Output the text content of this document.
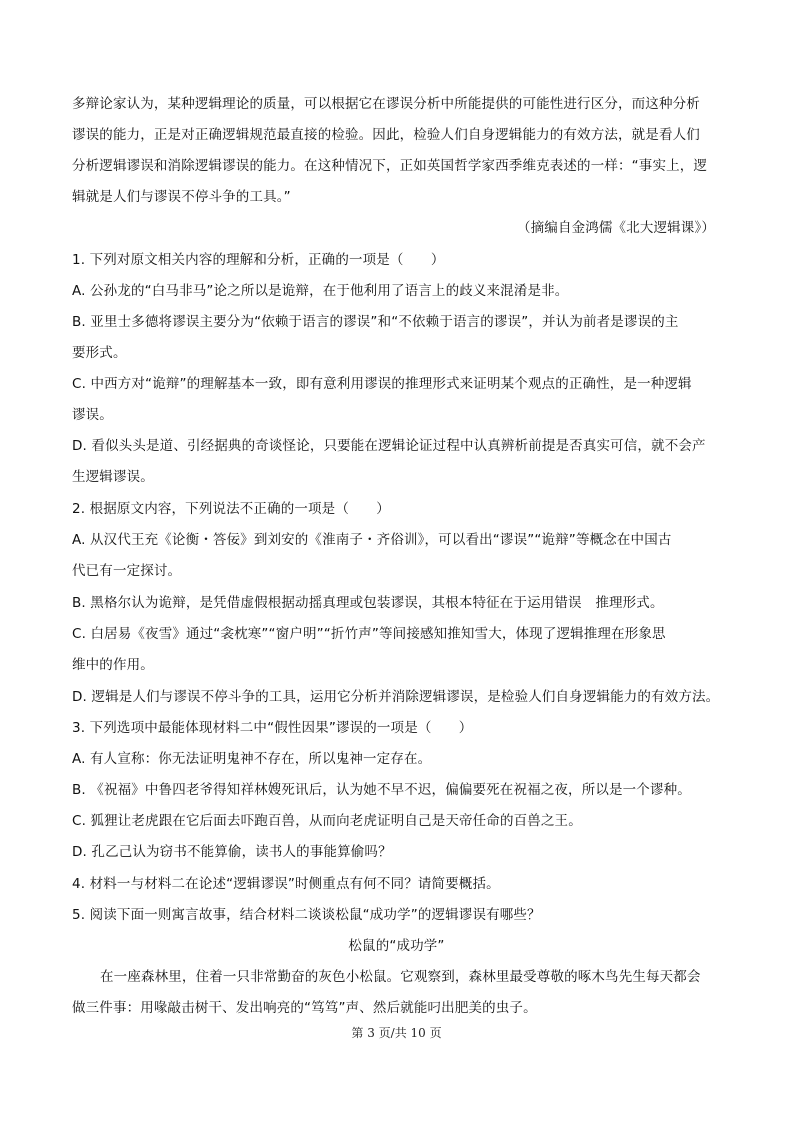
多辩论家认为，某种逻辑理论的质量，可以根据它在谬误分析中所能提供的可能性进行区分，而这种分析
谬误的能力，正是对正确逻辑规范最直接的检验。因此，检验人们自身逻辑能力的有效方法，就是看人们
分析逻辑谬误和消除逻辑谬误的能力。在这种情况下，正如英国哲学家西季维克表述的一样：“事实上，逻
辑就是人们与谬误不停斗争的工具。”
（摘编自金鸿儒《北大逻辑课》）
1. 下列对原文相关内容的理解和分析，正确的一项是（　　）
A. 公孙龙的“白马非马”论之所以是诡辩，在于他利用了语言上的歧义来混淆是非。
B. 亚里士多德将谬误主要分为“依赖于语言的谬误”和“不依赖于语言的谬误”，并认为前者是谬误的主
要形式。
C. 中西方对“诡辩”的理解基本一致，即有意利用谬误的推理形式来证明某个观点的正确性，是一种逻辑
谬误。
D. 看似头头是道、引经据典的奇谈怪论，只要能在逻辑论证过程中认真辨析前提是否真实可信，就不会产
生逻辑谬误。
2. 根据原文内容，下列说法不正确的一项是（　　）
A. 从汉代王充《论衡・答佞》到刘安的《淮南子・齐俗训》，可以看出“谬误”“诡辩”等概念在中国古
代已有一定探讨。
B. 黑格尔认为诡辩，是凭借虚假根据动摇真理或包装谬误，其根本特征在于运用错误　推理形式。
C. 白居易《夜雪》通过“衾枕寒”“窗户明”“折竹声”等间接感知推知雪大，体现了逻辑推理在形象思
维中的作用。
D. 逻辑是人们与谬误不停斗争的工具，运用它分析并消除逻辑谬误，是检验人们自身逻辑能力的有效方法。
3. 下列选项中最能体现材料二中“假性因果”谬误的一项是（　　）
A. 有人宣称：你无法证明鬼神不存在，所以鬼神一定存在。
B. 《祝福》中鲁四老爷得知祥林嫂死讯后，认为她不早不迟，偏偏要死在祝福之夜，所以是一个谬种。
C. 狐狸让老虎跟在它后面去吓跑百兽，从而向老虎证明自己是天帝任命的百兽之王。
D. 孔乙己认为窃书不能算偷，读书人的事能算偷吗？
4. 材料一与材料二在论述“逻辑谬误”时侧重点有何不同？请简要概括。
5. 阅读下面一则寓言故事，结合材料二谈谈松鼠“成功学”的逻辑谬误有哪些？
松鼠的“成功学”
在一座森林里，住着一只非常勤奋的灰色小松鼠。它观察到，森林里最受尊敬的啄木鸟先生每天都会
做三件事：用喙敲击树干、发出响亮的“笃笃”声、然后就能叼出肥美的虫子。
第 3 页/共 10 页
